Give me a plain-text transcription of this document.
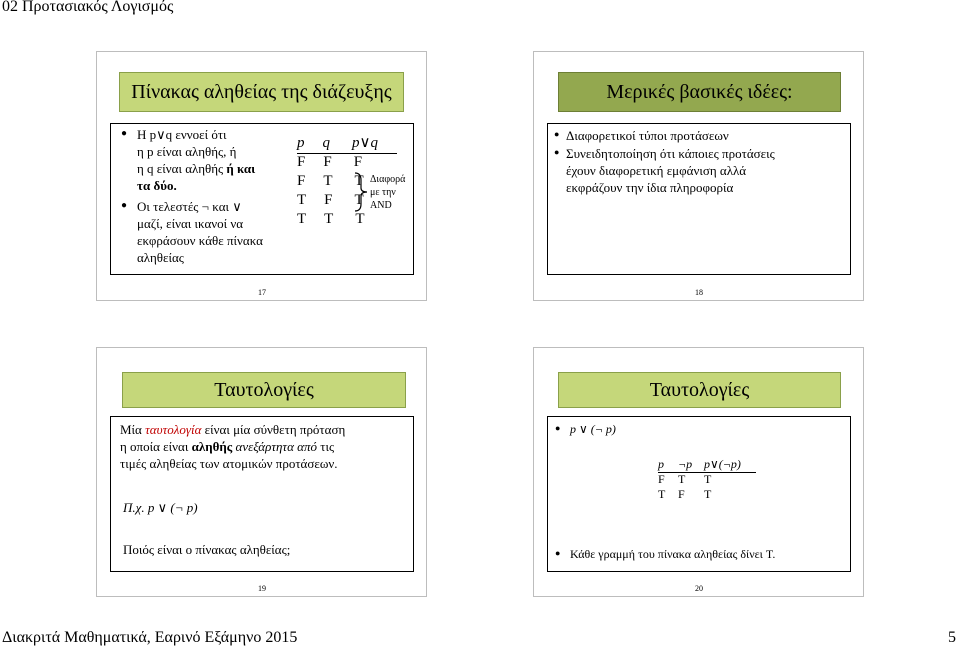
02 Προτασιακός Λογισμός
Πίνακας αληθείας της διάζευξης
● H p∨q εννοεί ότι
η p είναι αληθής, ή
η q είναι αληθής ή και
τα δύο.
● Οι τελεστές ¬ και ∨
μαζί, είναι ικανοί να
εκφράσουν κάθε πίνακα
αληθείας
p q p∨q
F F F
F T T
T F T
T T T
Διαφορά
με την
AND
17
Μερικές βασικές ιδέες:
● Διαφορετικοί τύποι προτάσεων
● Συνειδητοποίηση ότι κάποιες προτάσεις
έχουν διαφορετική εμφάνιση αλλά
εκφράζουν την ίδια πληροφορία
18
Ταυτολογίες
Μία ταυτολογία είναι μία σύνθετη πρόταση
η οποία είναι αληθής ανεξάρτητα από τις
τιμές αληθείας των ατομικών προτάσεων.
Π.χ. p ∨ (¬ p)
Ποιός είναι ο πίνακας αληθείας;
19
Ταυτολογίες
● p ∨ (¬ p)
p ¬p p∨(¬p)
F T	T
T F	T
● Κάθε γραμμή του πίνακα αληθείας δίνει T.
20
Διακριτά Μαθηματικά, Εαρινό Εξάμηνο 2015	5
